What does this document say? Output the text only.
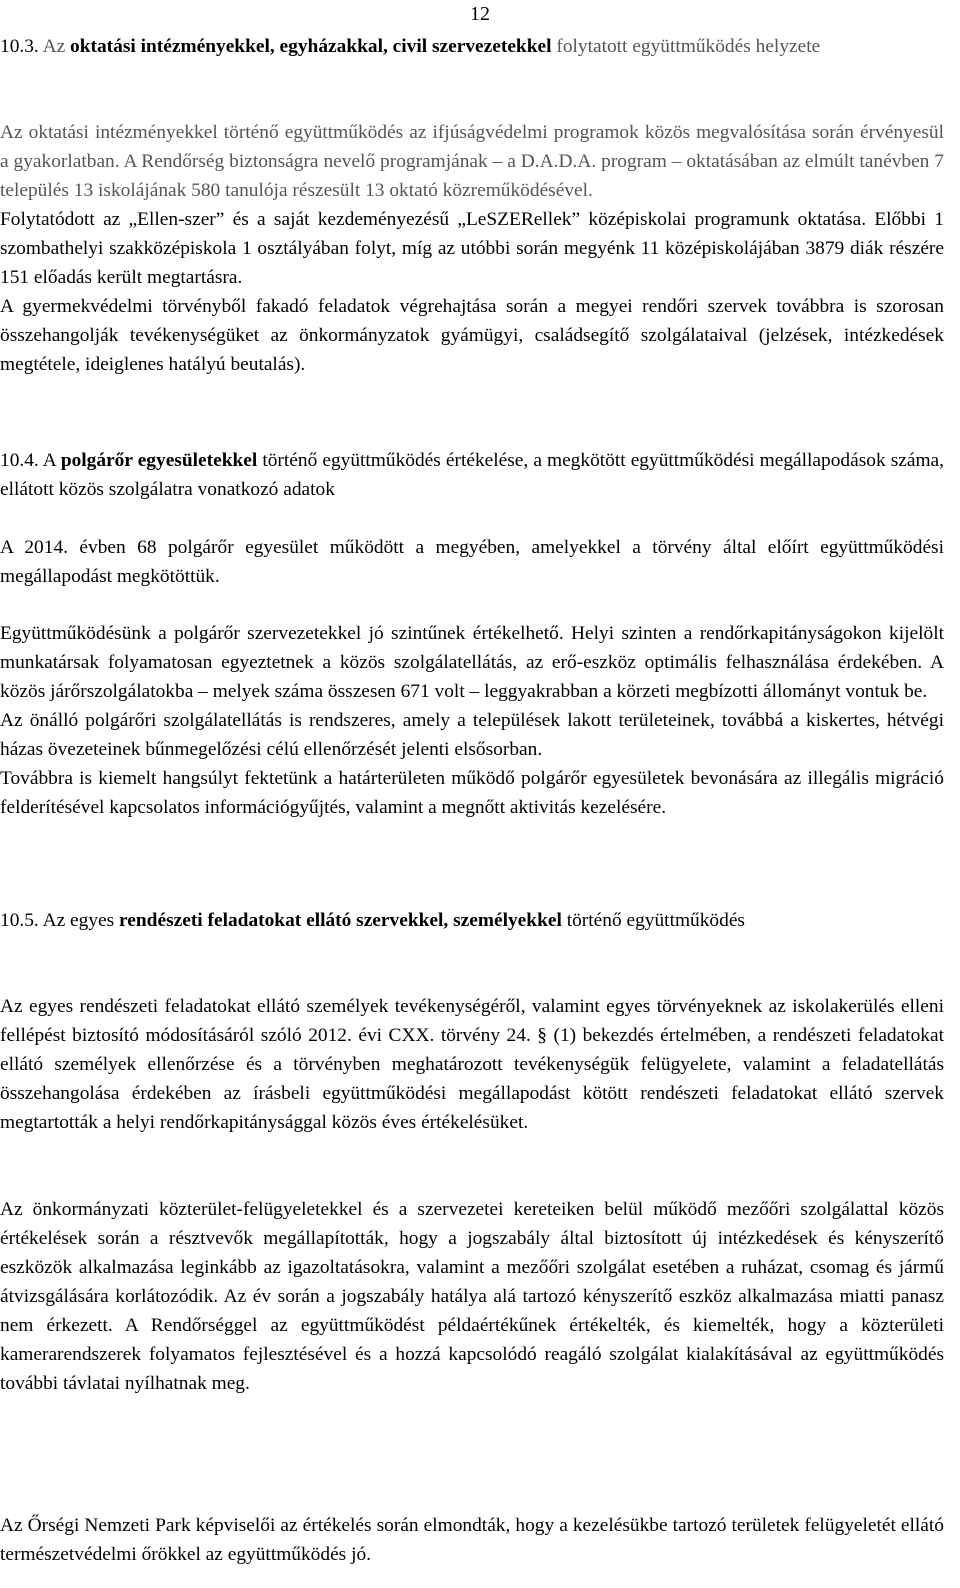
12

10.3. Az oktatási intézményekkel, egyházakkal, civil szervezetekkel folytatott együttműködés helyzete

Az oktatási intézményekkel történő együttműködés az ifjúságvédelmi programok közös megvalósítása során érvényesül a gyakorlatban. A Rendőrség biztonságra nevelő programjának – a D.A.D.A. program – oktatásában az elmúlt tanévben 7 település 13 iskolájának 580 tanulója részesült 13 oktató közreműködésével.

Folytatódott az „Ellen-szer” és a saját kezdeményezésű „LeSZERellek” középiskolai programunk oktatása. Előbbi 1 szombathelyi szakközépiskola 1 osztályában folyt, míg az utóbbi során megyénk 11 középiskolájában 3879 diák részére 151 előadás került megtartásra.

A gyermekvédelmi törvényből fakadó feladatok végrehajtása során a megyei rendőri szervek továbbra is szorosan összehangolják tevékenységüket az önkormányzatok gyámügyi, családsegítő szolgálataival (jelzések, intézkedések megtétele, ideiglenes hatályú beutalás).

10.4. A polgárőr egyesületekkel történő együttműködés értékelése, a megkötött együttműködési megállapodások száma, ellátott közös szolgálatra vonatkozó adatok

A 2014. évben 68 polgárőr egyesület működött a megyében, amelyekkel a törvény által előírt együttműködési megállapodást megkötöttük.

Együttműködésünk a polgárőr szervezetekkel jó szintűnek értékelhető. Helyi szinten a rendőrkapitányságokon kijelölt munkatársak folyamatosan egyeztetnek a közös szolgálatellátás, az erő-eszköz optimális felhasználása érdekében. A közös járőrszolgálatokba – melyek száma összesen 671 volt – leggyakrabban a körzeti megbízotti állományt vontuk be.

Az önálló polgárőri szolgálatellátás is rendszeres, amely a települések lakott területeinek, továbbá a kiskertes, hétvégi házas övezeteinek bűnmegelőzési célú ellenőrzését jelenti elsősorban.

Továbbra is kiemelt hangsúlyt fektetünk a határterületen működő polgárőr egyesületek bevonására az illegális migráció felderítésével kapcsolatos információgyűjtés, valamint a megnőtt aktivitás kezelésére.

10.5. Az egyes rendészeti feladatokat ellátó szervekkel, személyekkel történő együttműködés

Az egyes rendészeti feladatokat ellátó személyek tevékenységéről, valamint egyes törvényeknek az iskolakerülés elleni fellépést biztosító módosításáról szóló 2012. évi CXX. törvény 24. § (1) bekezdés értelmében, a rendészeti feladatokat ellátó személyek ellenőrzése és a törvényben meghatározott tevékenységük felügyelete, valamint a feladatellátás összehangolása érdekében az írásbeli együttműködési megállapodást kötött rendészeti feladatokat ellátó szervek megtartották a helyi rendőrkapitánysággal közös éves értékelésüket.

Az önkormányzati közterület-felügyeletekkel és a szervezetei kereteiken belül működő mezőőri szolgálattal közös értékelések során a résztvevők megállapították, hogy a jogszabály által biztosított új intézkedések és kényszerítő eszközök alkalmazása leginkább az igazoltatásokra, valamint a mezőőri szolgálat esetében a ruházat, csomag és jármű átvizsgálására korlátozódik. Az év során a jogszabály hatálya alá tartozó kényszerítő eszköz alkalmazása miatti panasz nem érkezett. A Rendőrséggel az együttműködést példaértékűnek értékelték, és kiemelték, hogy a közterületi kamerarendszerek folyamatos fejlesztésével és a hozzá kapcsolódó reagáló szolgálat kialakításával az együttműködés további távlatai nyílhatnak meg.

Az Őrségi Nemzeti Park képviselői az értékelés során elmondták, hogy a kezelésükbe tartozó területek felügyeletét ellátó természetvédelmi őrökkel az együttműködés jó.
